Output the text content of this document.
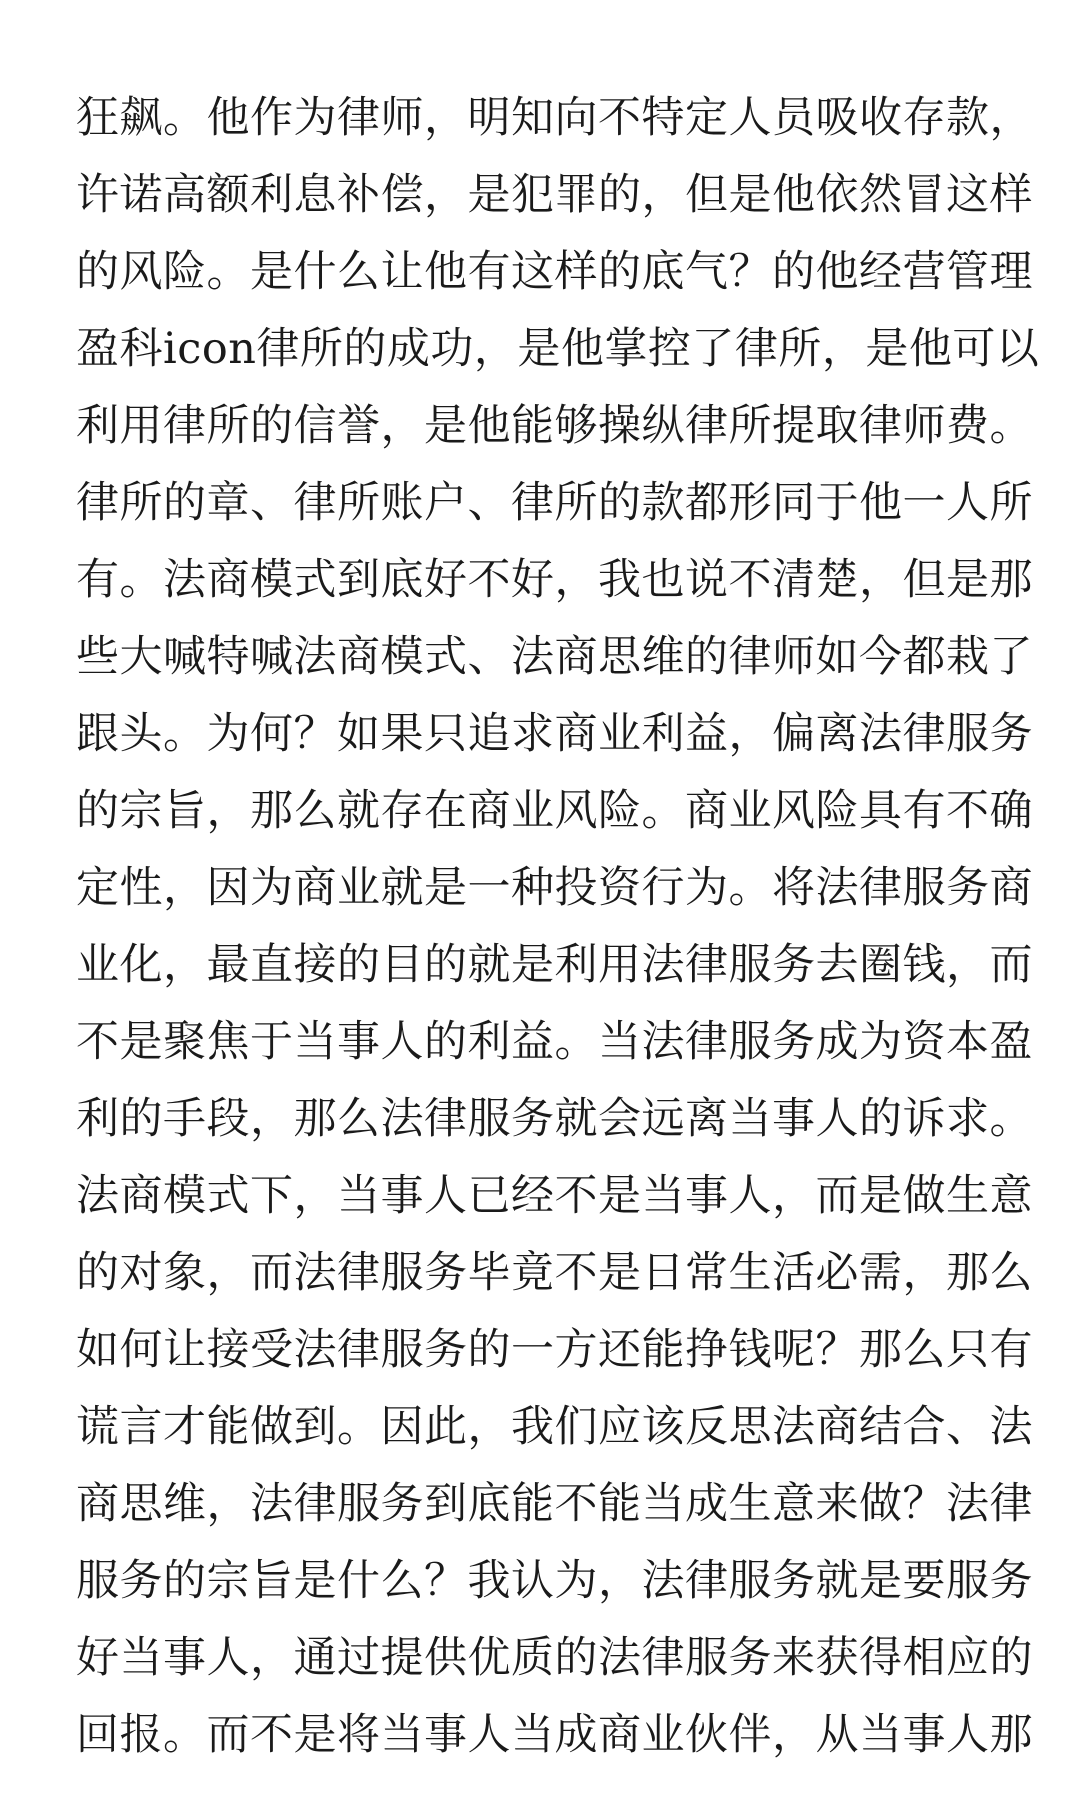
狂飙。他作为律师，明知向不特定人员吸收存款，
许诺高额利息补偿，是犯罪的，但是他依然冒这样
的风险。是什么让他有这样的底气？的他经营管理
盈科icon律所的成功，是他掌控了律所，是他可以
利用律所的信誉，是他能够操纵律所提取律师费。
律所的章、律所账户、律所的款都形同于他一人所
有。法商模式到底好不好，我也说不清楚，但是那
些大喊特喊法商模式、法商思维的律师如今都栽了
跟头。为何？如果只追求商业利益，偏离法律服务
的宗旨，那么就存在商业风险。商业风险具有不确
定性，因为商业就是一种投资行为。将法律服务商
业化，最直接的目的就是利用法律服务去圈钱，而
不是聚焦于当事人的利益。当法律服务成为资本盈
利的手段，那么法律服务就会远离当事人的诉求。
法商模式下，当事人已经不是当事人，而是做生意
的对象，而法律服务毕竟不是日常生活必需，那么
如何让接受法律服务的一方还能挣钱呢？那么只有
谎言才能做到。因此，我们应该反思法商结合、法
商思维，法律服务到底能不能当成生意来做？法律
服务的宗旨是什么？我认为，法律服务就是要服务
好当事人，通过提供优质的法律服务来获得相应的
回报。而不是将当事人当成商业伙伴，从当事人那
